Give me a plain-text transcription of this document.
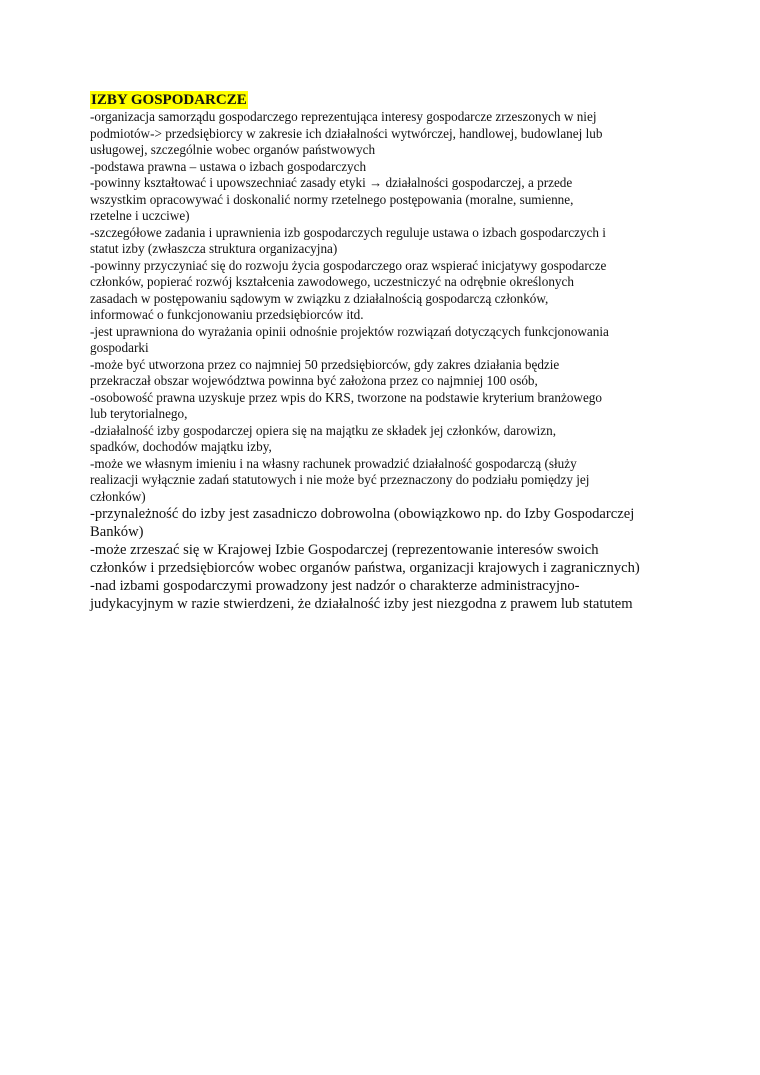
IZBY GOSPODARCZE
-organizacja samorządu gospodarczego reprezentująca interesy gospodarcze zrzeszonych w niej
podmiotów-> przedsiębiorcy w zakresie ich działalności wytwórczej, handlowej, budowlanej lub
usługowej, szczególnie wobec organów państwowych
-podstawa prawna – ustawa o izbach gospodarczych
-powinny kształtować i upowszechniać zasady etyki → działalności gospodarczej, a przede
wszystkim opracowywać i doskonalić normy rzetelnego postępowania (moralne, sumienne,
rzetelne i uczciwe)
-szczegółowe zadania i uprawnienia izb gospodarczych reguluje ustawa o izbach gospodarczych i
statut izby (zwłaszcza struktura organizacyjna)
-powinny przyczyniać się do rozwoju życia gospodarczego oraz wspierać inicjatywy gospodarcze
członków, popierać rozwój kształcenia zawodowego, uczestniczyć na odrębnie określonych
zasadach w postępowaniu sądowym w związku z działalnością gospodarczą członków,
informować o funkcjonowaniu przedsiębiorców itd.
-jest uprawniona do wyrażania opinii odnośnie projektów rozwiązań dotyczących funkcjonowania
gospodarki
-może być utworzona przez co najmniej 50 przedsiębiorców, gdy zakres działania będzie
przekraczał obszar województwa powinna być założona przez co najmniej 100 osób,
-osobowość prawna uzyskuje przez wpis do KRS, tworzone na podstawie kryterium branżowego
lub terytorialnego,
-działalność izby gospodarczej opiera się na majątku ze składek jej członków, darowizn,
spadków, dochodów majątku izby,
-może we własnym imieniu i na własny rachunek prowadzić działalność gospodarczą (służy
realizacji wyłącznie zadań statutowych i nie może być przeznaczony do podziału pomiędzy jej
członków)
-przynależność do izby jest zasadniczo dobrowolna (obowiązkowo np. do Izby Gospodarczej
Banków)
-może zrzeszać się w Krajowej Izbie Gospodarczej (reprezentowanie interesów swoich
członków i przedsiębiorców wobec organów państwa, organizacji krajowych i zagranicznych)
-nad izbami gospodarczymi prowadzony jest nadzór o charakterze administracyjno-
judykacyjnym w razie stwierdzeni, że działalność izby jest niezgodna z prawem lub statutem
